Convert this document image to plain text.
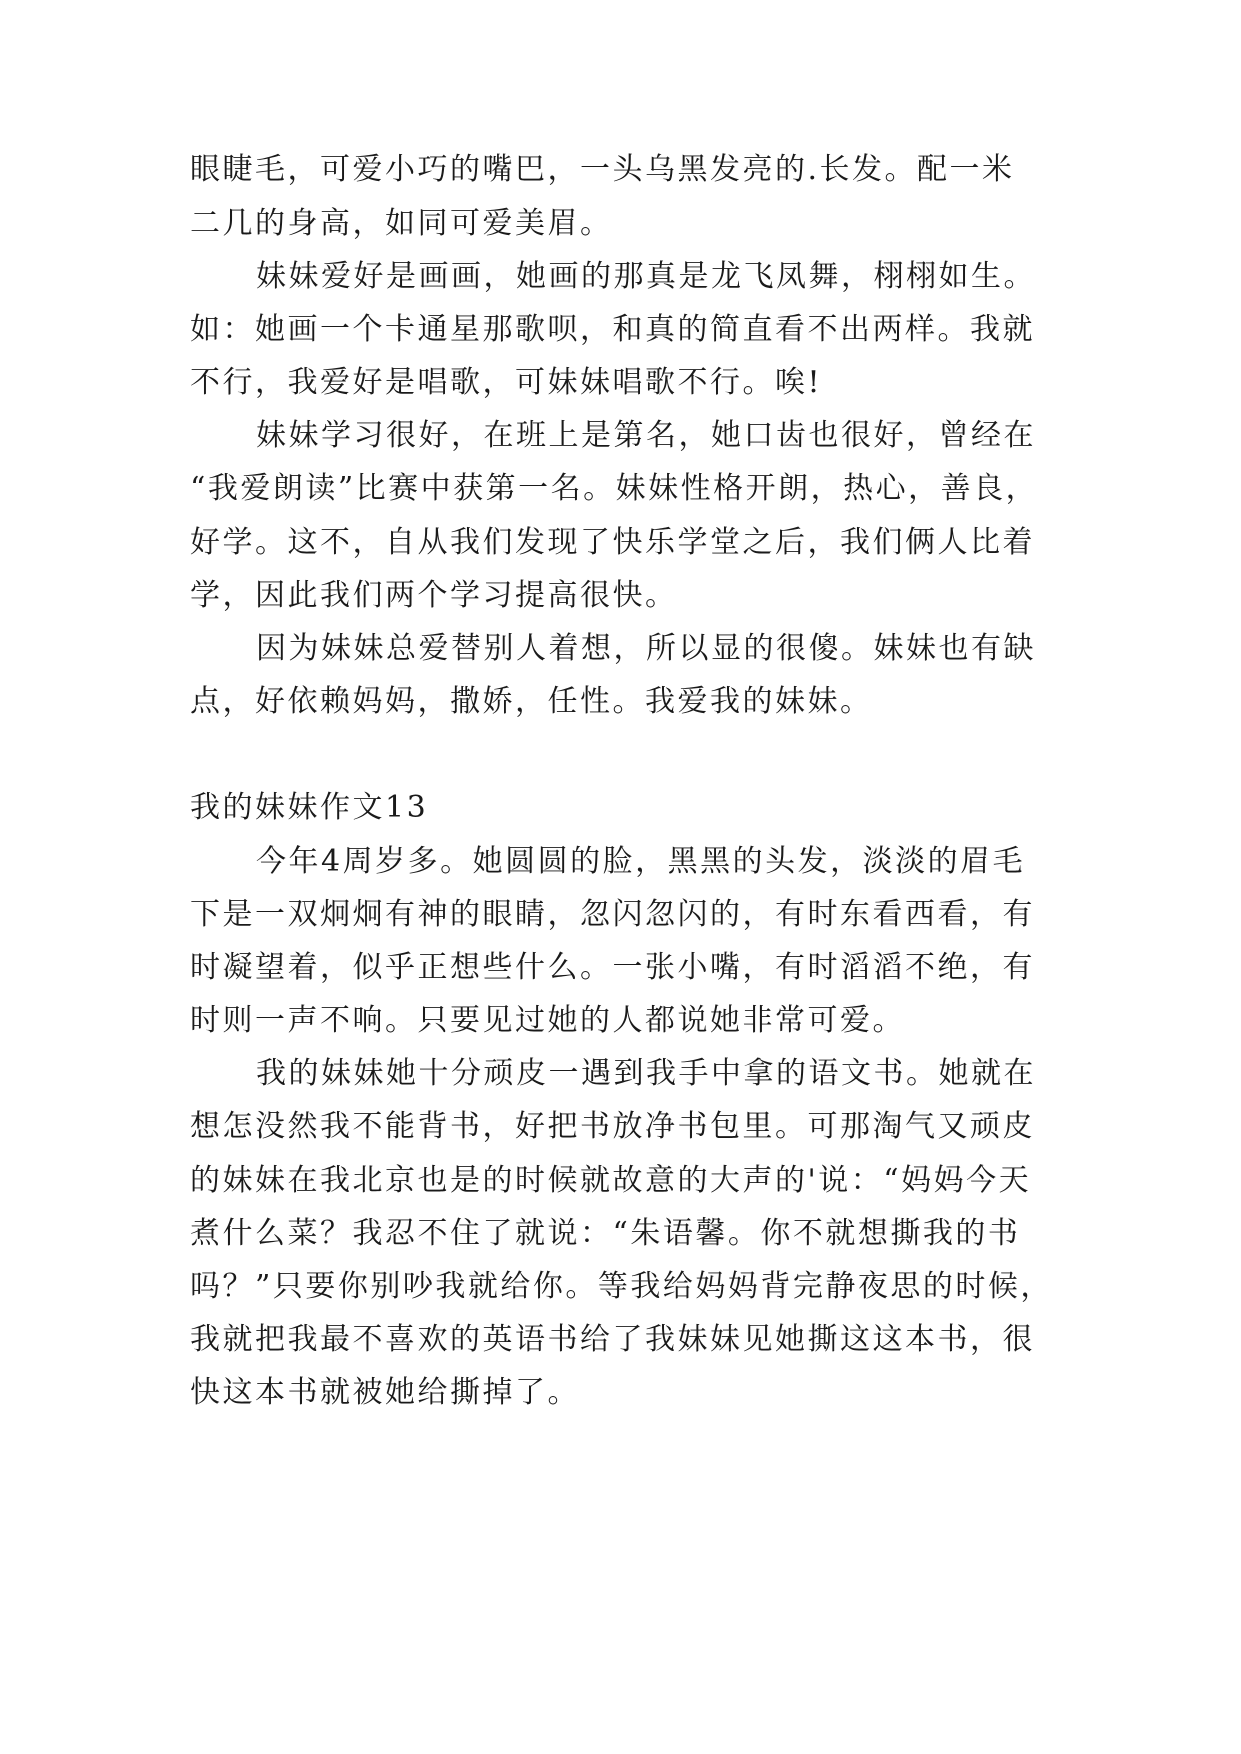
眼睫毛，可爱小巧的嘴巴，一头乌黑发亮的.长发。配一米
二几的身高，如同可爱美眉。
妹妹爱好是画画，她画的那真是龙飞凤舞，栩栩如生。
如：她画一个卡通星那歌呗，和真的简直看不出两样。我就
不行，我爱好是唱歌，可妹妹唱歌不行。唉!
妹妹学习很好，在班上是第名，她口齿也很好，曾经在
“我爱朗读”比赛中获第一名。妹妹性格开朗，热心，善良，
好学。这不，自从我们发现了快乐学堂之后，我们俩人比着
学，因此我们两个学习提高很快。
因为妹妹总爱替别人着想，所以显的很傻。妹妹也有缺
点，好依赖妈妈，撒娇，任性。我爱我的妹妹。
我的妹妹作文13
今年4周岁多。她圆圆的脸，黑黑的头发，淡淡的眉毛
下是一双炯炯有神的眼睛，忽闪忽闪的，有时东看西看，有
时凝望着，似乎正想些什么。一张小嘴，有时滔滔不绝，有
时则一声不响。只要见过她的人都说她非常可爱。
我的妹妹她十分顽皮一遇到我手中拿的语文书。她就在
想怎没然我不能背书，好把书放净书包里。可那淘气又顽皮
的妹妹在我北京也是的时候就故意的大声的'说：“妈妈今天
煮什么菜？我忍不住了就说：“朱语馨。你不就想撕我的书
吗？”只要你别吵我就给你。等我给妈妈背完静夜思的时候，
我就把我最不喜欢的英语书给了我妹妹见她撕这这本书，很
快这本书就被她给撕掉了。
